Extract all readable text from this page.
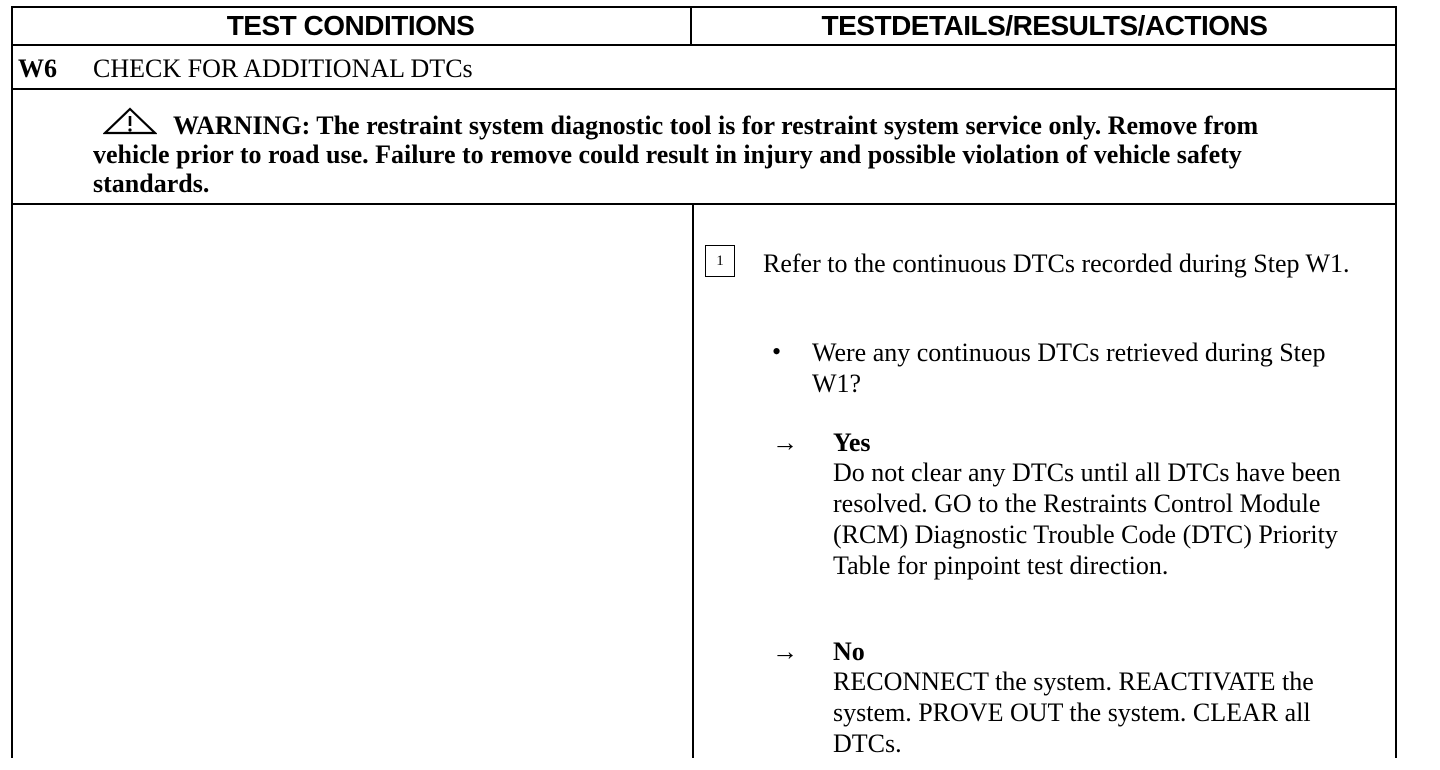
TEST CONDITIONS	TESTDETAILS/RESULTS/ACTIONS
W6 CHECK FOR ADDITIONAL DTCs
WARNING: The restraint system diagnostic tool is for restraint system service only. Remove from vehicle prior to road use. Failure to remove could result in injury and possible violation of vehicle safety standards.
1	Refer to the continuous DTCs recorded during Step W1.
• Were any continuous DTCs retrieved during Step W1?
→ Yes
Do not clear any DTCs until all DTCs have been resolved. GO to the Restraints Control Module (RCM) Diagnostic Trouble Code (DTC) Priority Table for pinpoint test direction.
→ No
RECONNECT the system. REACTIVATE the system. PROVE OUT the system. CLEAR all DTCs.
